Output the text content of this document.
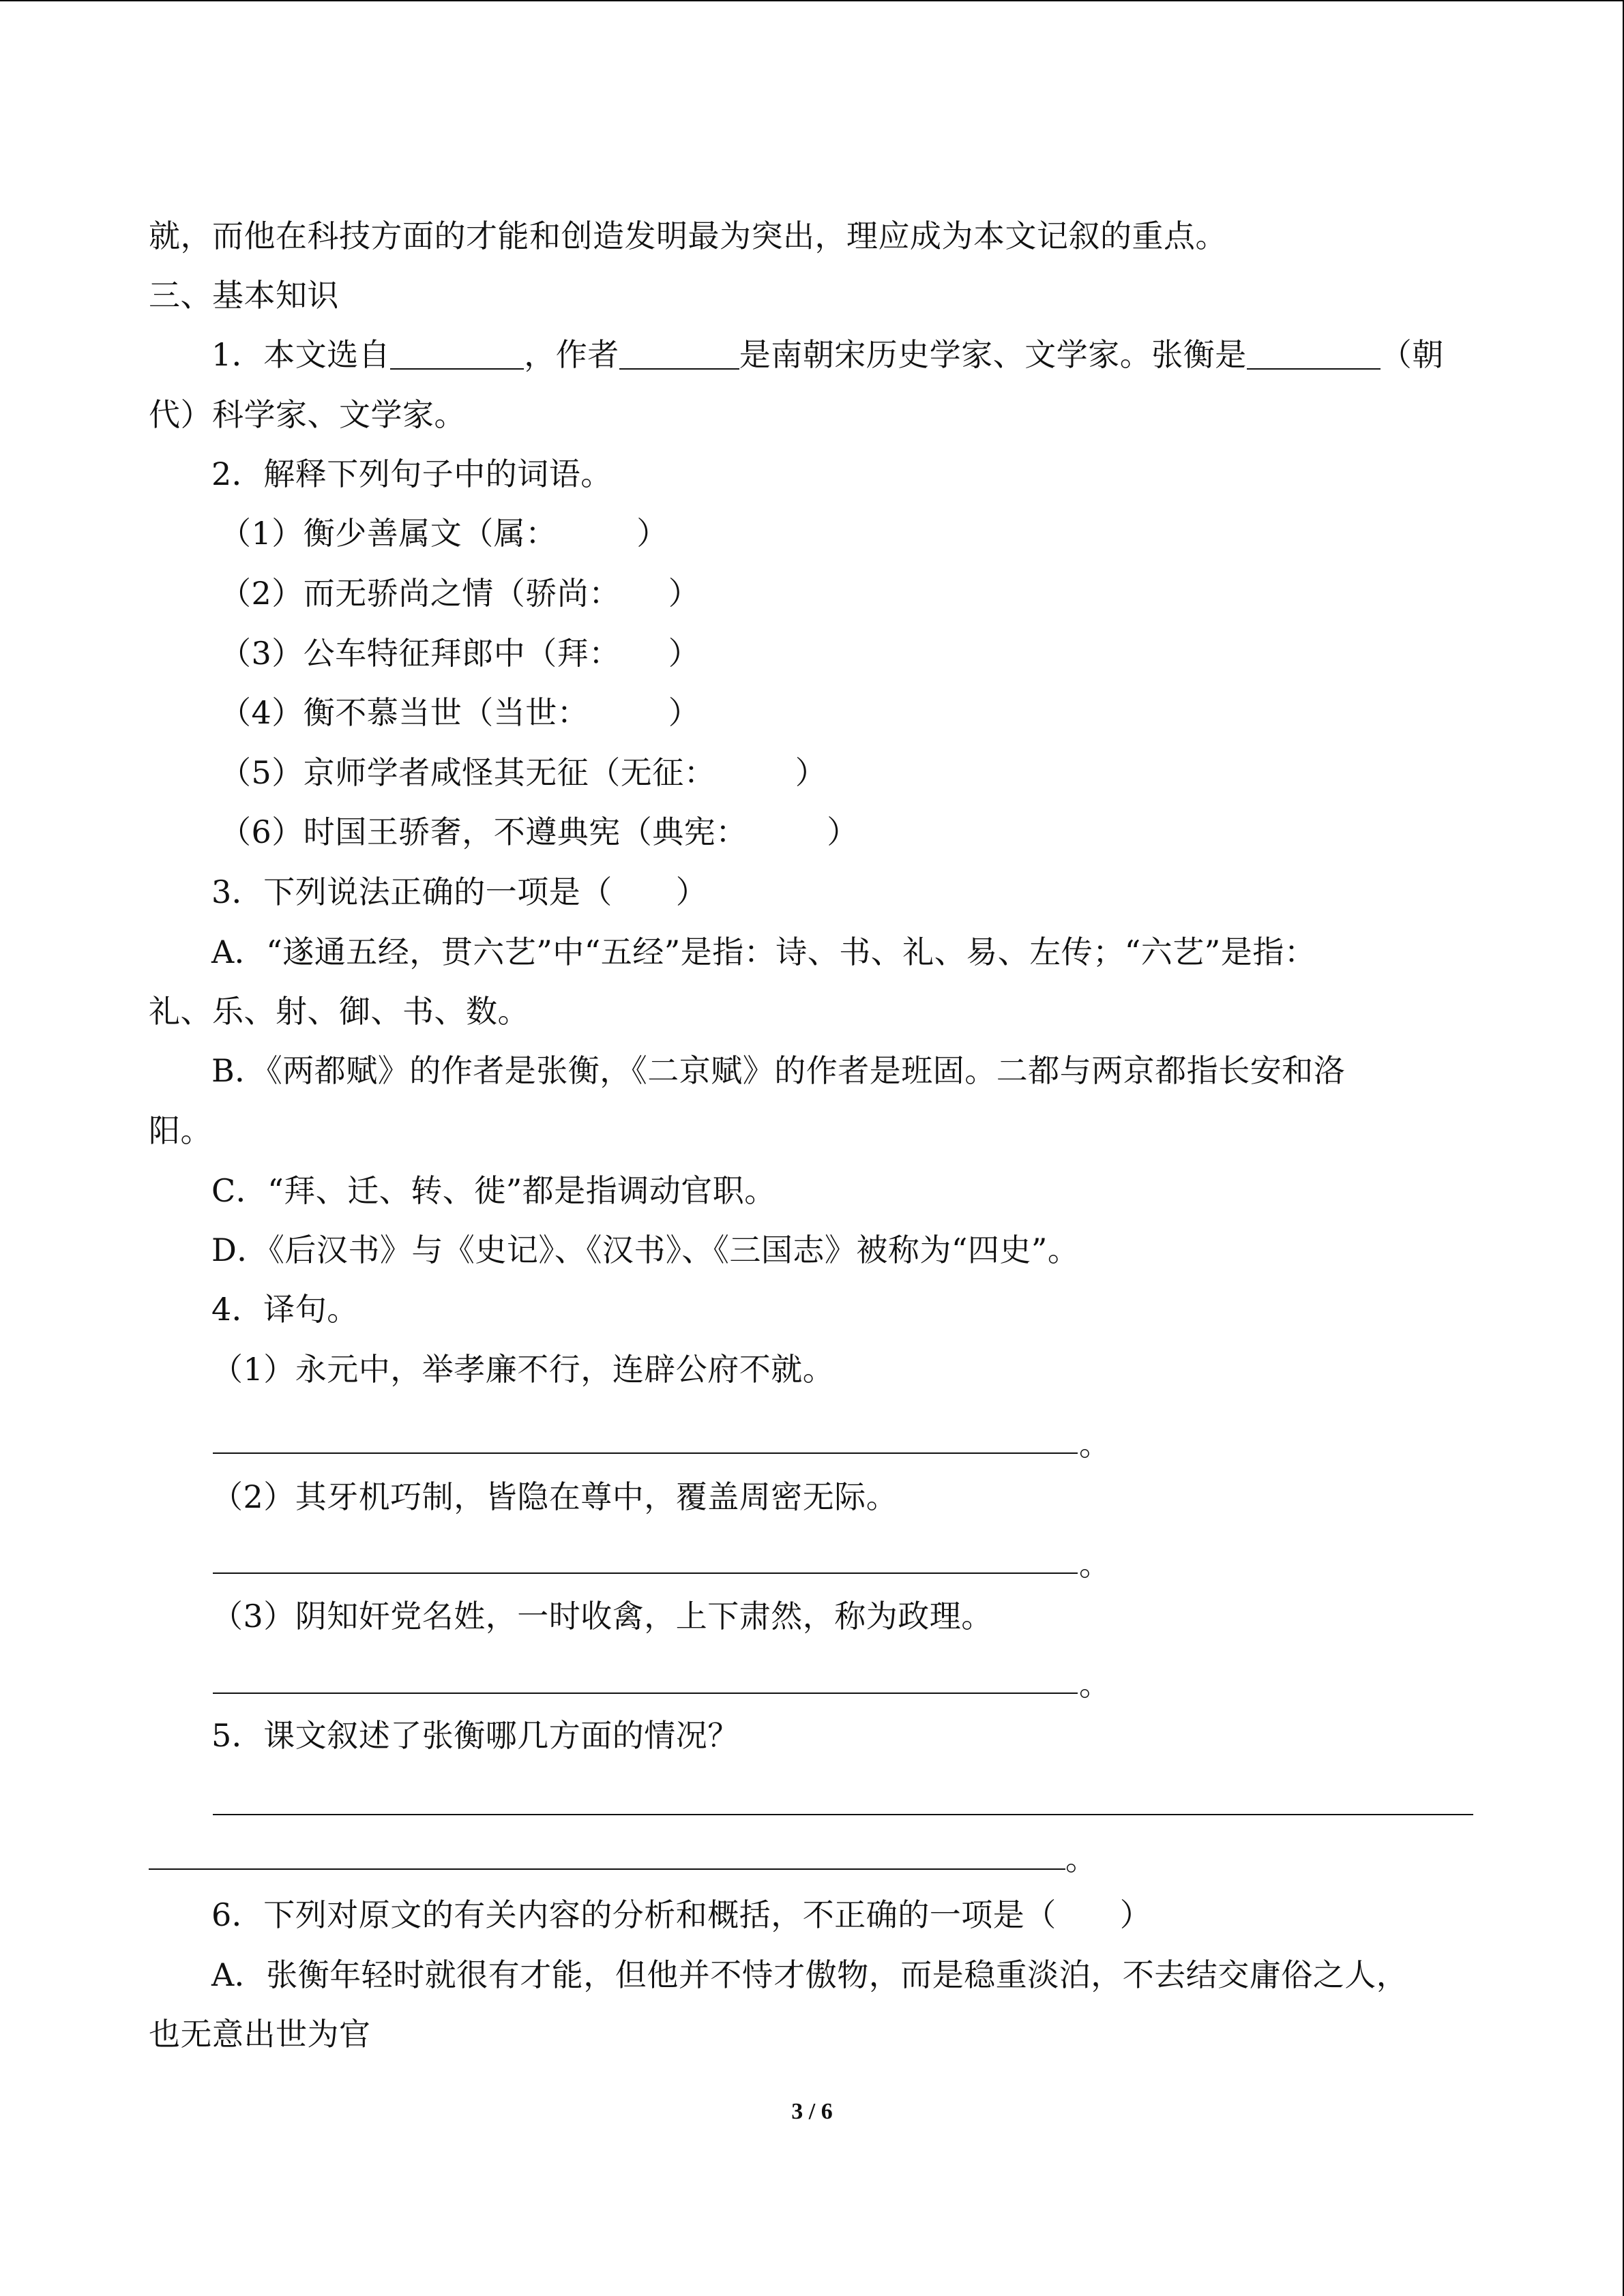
就，而他在科技方面的才能和创造发明最为突出，理应成为本文记叙的重点。
三、基本知识
1．本文选自	，作者	是南朝宋历史学家、文学家。张衡是	（朝
代）科学家、文学家。
2．解释下列句子中的词语。
（1）衡少善属文（属：　　　）
（2）而无骄尚之情（骄尚：　　）
（3）公车特征拜郎中（拜：　　）
（4）衡不慕当世（当世：　　　）
（5）京师学者咸怪其无征（无征：　　　）
（6）时国王骄奢，不遵典宪（典宪：　　　）
3．下列说法正确的一项是（　　）
A．“遂通五经，贯六艺”中“五经”是指：诗、书、礼、易、左传；“六艺”是指：
礼、乐、射、御、书、数。
B．《两都赋》的作者是张衡，《二京赋》的作者是班固。二都与两京都指长安和洛
阳。
C．“拜、迁、转、徙”都是指调动官职。
D．《后汉书》与《史记》、《汉书》、《三国志》被称为“四史”。
4．译句。
（1）永元中，举孝廉不行，连辟公府不就。
。
（2）其牙机巧制，皆隐在尊中，覆盖周密无际。
。
（3）阴知奸党名姓，一时收禽，上下肃然，称为政理。
。
5．课文叙述了张衡哪几方面的情况？
。
6．下列对原文的有关内容的分析和概括，不正确的一项是（　　）
A．张衡年轻时就很有才能，但他并不恃才傲物，而是稳重淡泊，不去结交庸俗之人，
也无意出世为官
3 / 6
